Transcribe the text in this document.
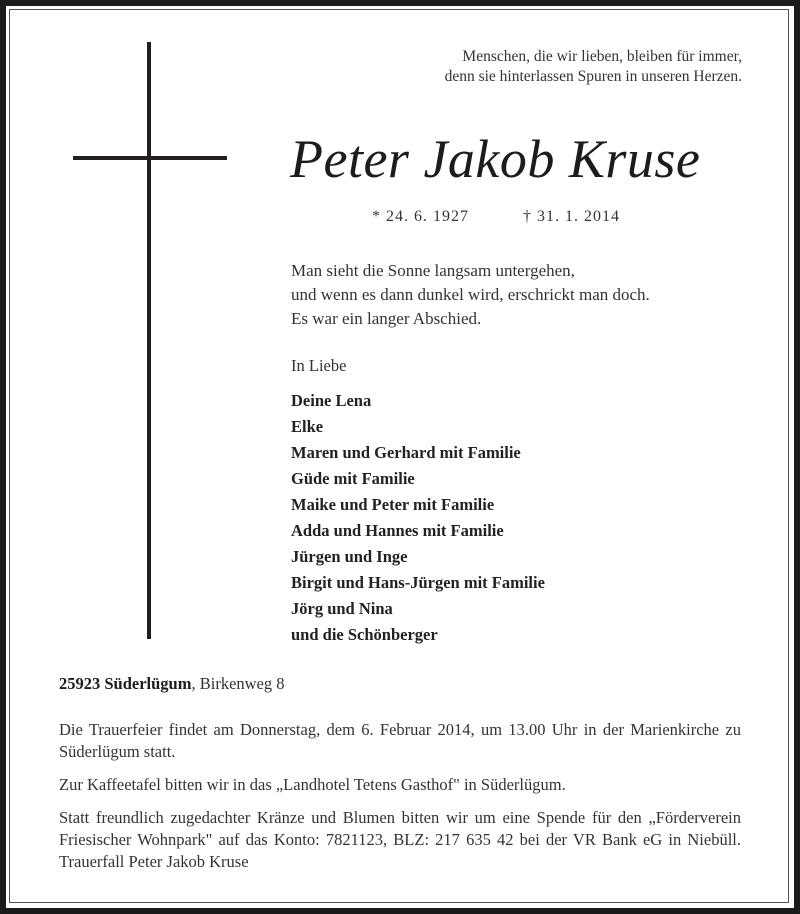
Menschen, die wir lieben, bleiben für immer,
denn sie hinterlassen Spuren in unseren Herzen.
Peter Jakob Kruse
* 24. 6. 1927	† 31. 1. 2014
Man sieht die Sonne langsam untergehen,
und wenn es dann dunkel wird, erschrickt man doch.
Es war ein langer Abschied.
In Liebe
Deine Lena
Elke
Maren und Gerhard mit Familie
Güde mit Familie
Maike und Peter mit Familie
Adda und Hannes mit Familie
Jürgen und Inge
Birgit und Hans-Jürgen mit Familie
Jörg und Nina
und die Schönberger
25923 Süderlügum, Birkenweg 8
Die Trauerfeier findet am Donnerstag, dem 6. Februar 2014, um 13.00 Uhr in der Marienkirche zu Süderlügum statt.
Zur Kaffeetafel bitten wir in das „Landhotel Tetens Gasthof" in Süderlügum.
Statt freundlich zugedachter Kränze und Blumen bitten wir um eine Spende für den „Förderverein Friesischer Wohnpark" auf das Konto: 7821123, BLZ: 217 635 42 bei der VR Bank eG in Niebüll. Trauerfall Peter Jakob Kruse
